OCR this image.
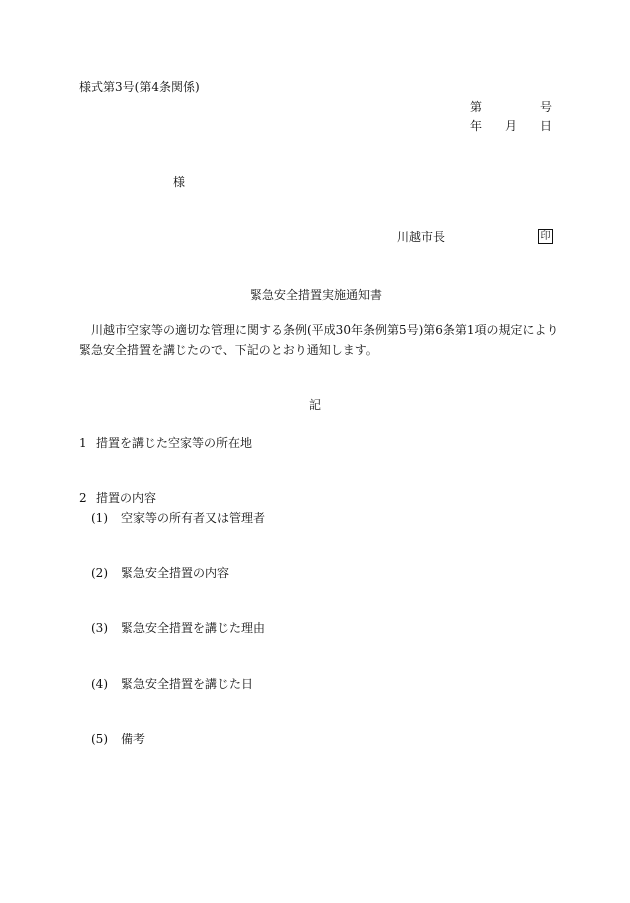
様式第3号(第4条関係)
第	号
年 月 日
様
川越市長	印
緊急安全措置実施通知書
川越市空家等の適切な管理に関する条例(平成30年条例第5号)第6条第1項の規定により
緊急安全措置を講じたので、下記のとおり通知します。
記
1 措置を講じた空家等の所在地
2 措置の内容
(1) 空家等の所有者又は管理者
(2) 緊急安全措置の内容
(3) 緊急安全措置を講じた理由
(4) 緊急安全措置を講じた日
(5) 備考
